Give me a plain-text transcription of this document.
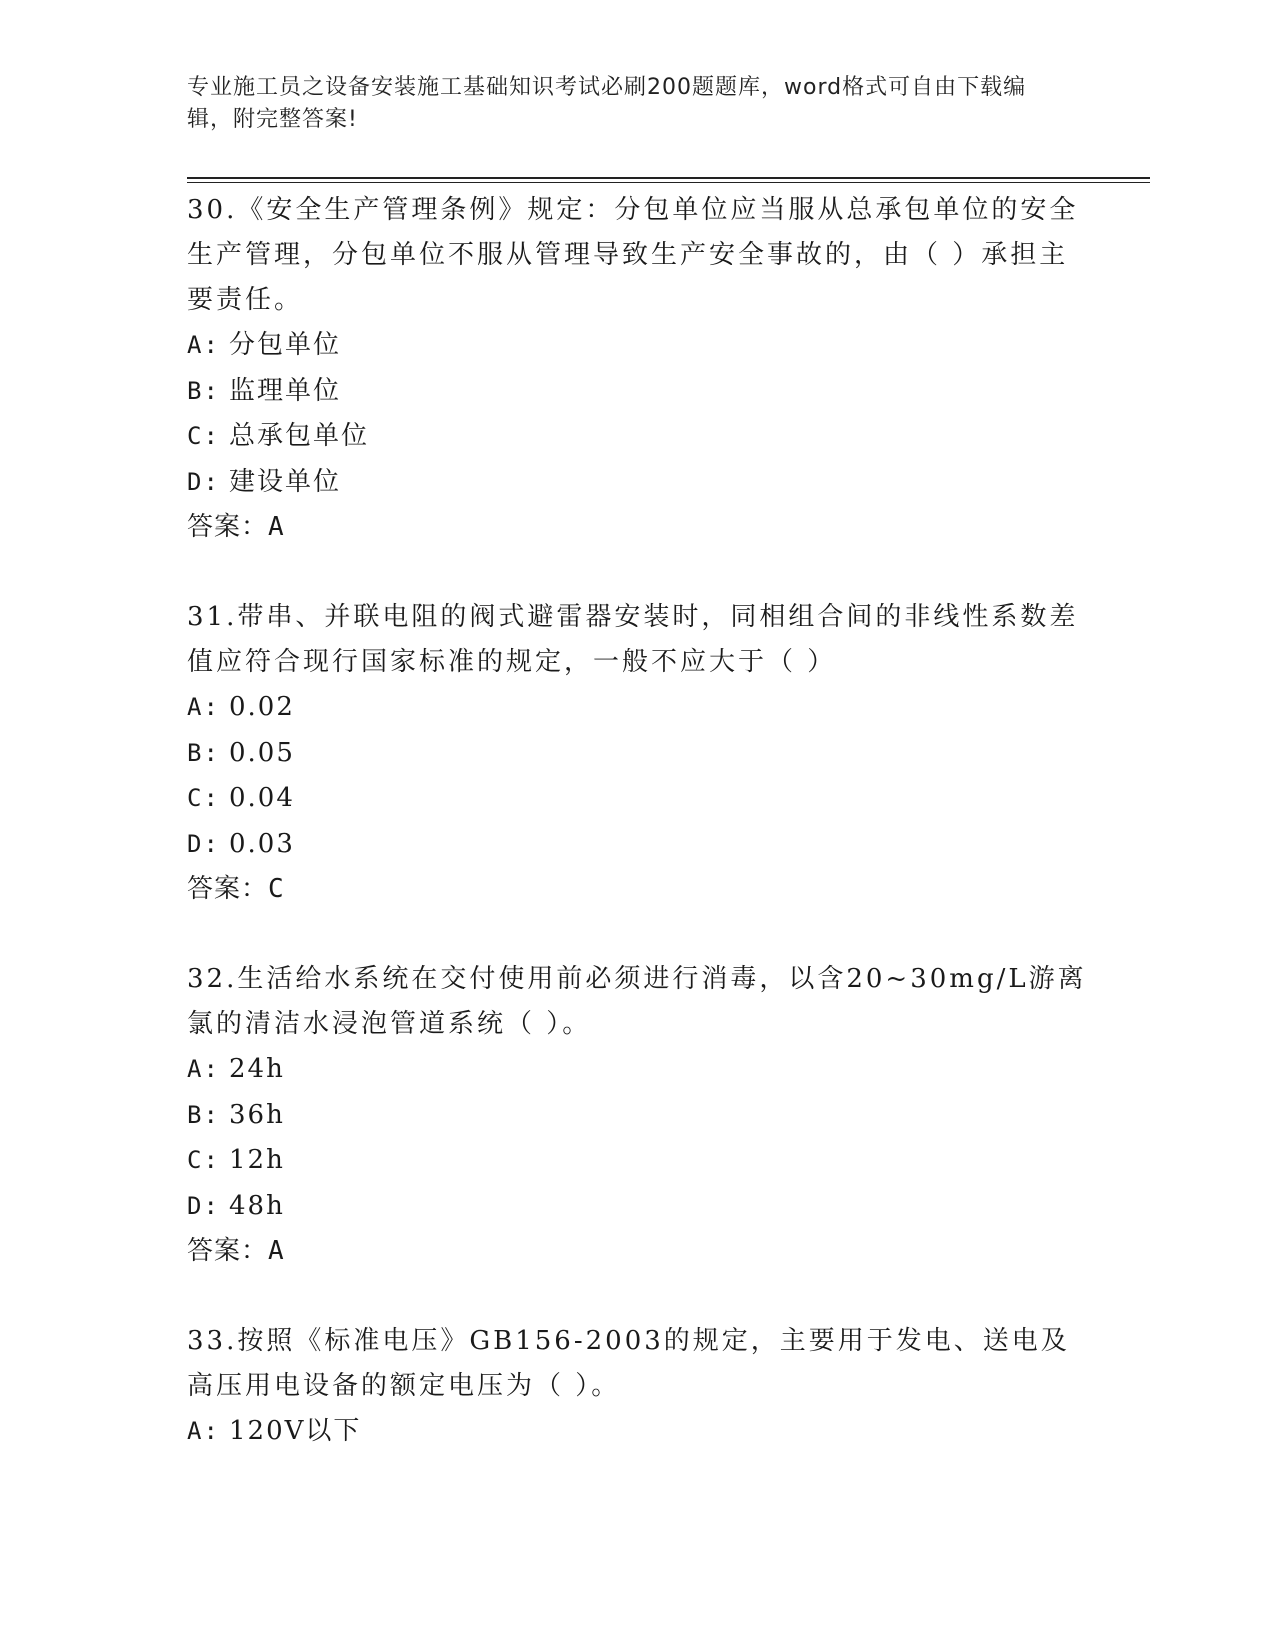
专业施工员之设备安装施工基础知识考试必刷200题题库，word格式可自由下载编辑，附完整答案!

30.《安全生产管理条例》规定：分包单位应当服从总承包单位的安全生产管理，分包单位不服从管理导致生产安全事故的，由（ ）承担主要责任。

A: 分包单位
B: 监理单位
C: 总承包单位
D: 建设单位
答案：A

31.带串、并联电阻的阀式避雷器安装时，同相组合间的非线性系数差值应符合现行国家标准的规定，一般不应大于（ ）

A: 0.02
B: 0.05
C: 0.04
D: 0.03
答案：C

32.生活给水系统在交付使用前必须进行消毒，以含20~30mg/L游离氯的清洁水浸泡管道系统（ ）。

A: 24h
B: 36h
C: 12h
D: 48h
答案：A

33.按照《标准电压》GB156-2003的规定，主要用于发电、送电及高压用电设备的额定电压为（ ）。

A: 120V以下
